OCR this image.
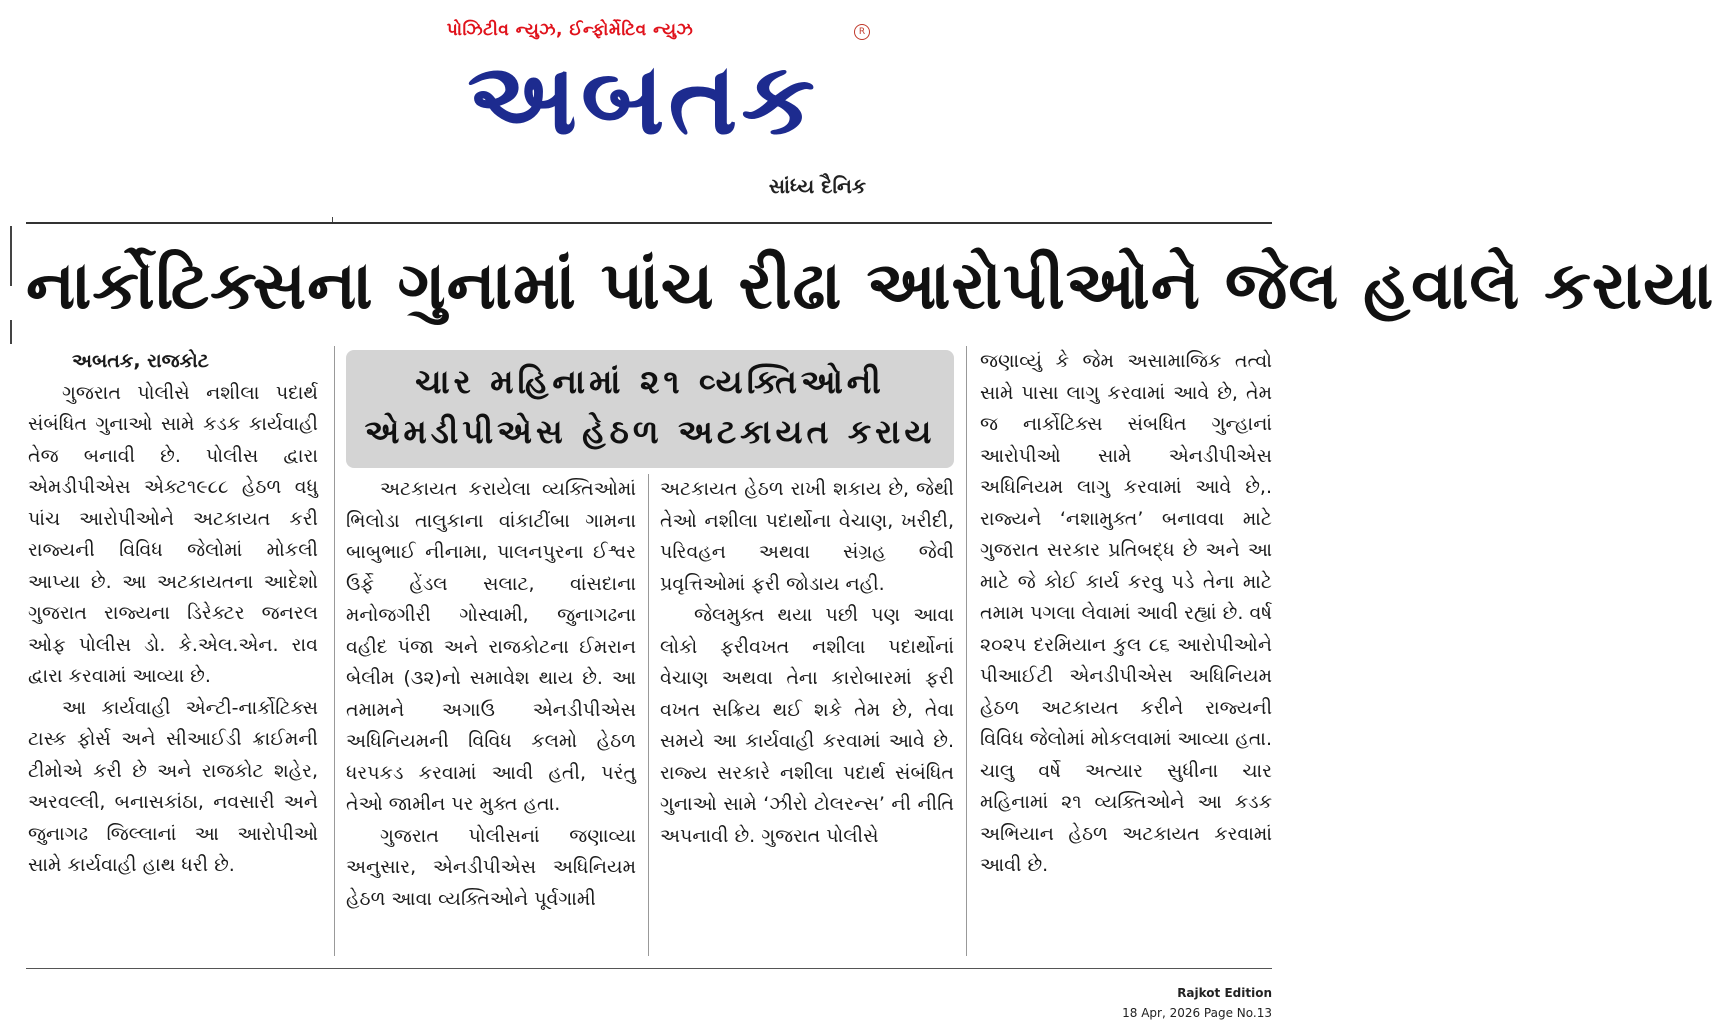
પોઝિટીવ ન્યુઝ, ઈન્ફોર્મેટિવ ન્યુઝ	R
અબતક
સાંધ્ય દૈનિક
નાર્કોટિક્સના ગુનામાં પાંચ રીઢા આરોપીઓને જેલ હવાલે કરાયા
ચાર મહિનામાં ૨૧ વ્યક્તિઓની
એમડીપીએસ હેઠળ અટકાયત કરાય

અબતક, રાજકોટ

ગુજરાત પોલીસે નશીલા પદાર્થ સંબંધિત ગુનાઓ સામે કડક કાર્યવાહી તેજ બનાવી છે. પોલીસ દ્વારા એમડીપીએસ એક્ટ૧૯૮૮ હેઠળ વધુ પાંચ આરોપીઓને અટકાયત કરી રાજ્યની વિવિધ જેલોમાં મોકલી આપ્યા છે. આ અટકાયતના આદેશો ગુજરાત રાજ્યના ડિરેક્ટર જનરલ ઓફ પોલીસ ડો. કે.એલ.એન. રાવ દ્વારા કરવામાં આવ્યા છે.

આ કાર્યવાહી એન્ટી-નાર્કોટિક્સ ટાસ્ક ફોર્સ અને સીઆઈડી ક્રાઈમની ટીમોએ કરી છે અને રાજકોટ શહેર, અરવલ્લી, બનાસકાંઠા, નવસારી અને જુનાગઢ જિલ્લાનાં આ આરોપીઓ સામે કાર્યવાહી હાથ ધરી છે.

અટકાયત કરાયેલા વ્યક્તિઓમાં ભિલોડા તાલુકાના વાંકાટીંબા ગામના બાબુભાઈ નીનામા, પાલનપુરના ઈશ્વર ઉર્ફે હેંડલ સલાટ, વાંસદાના મનોજગીરી ગોસ્વામી, જુનાગઢના વહીદ પંજા અને રાજકોટના ઈમરાન બેલીમ (૩૨)નો સમાવેશ થાય છે. આ તમામને અગાઉ એનડીપીએસ અધિનિયમની વિવિધ કલમો હેઠળ ધરપકડ કરવામાં આવી હતી, પરંતુ તેઓ જામીન પર મુક્ત હતા.

ગુજરાત પોલીસનાં જણાવ્યા અનુસાર, એનડીપીએસ અધિનિયમ હેઠળ આવા વ્યક્તિઓને પૂર્વગામી

અટકાયત હેઠળ રાખી શકાય છે, જેથી તેઓ નશીલા પદાર્થોના વેચાણ, ખરીદી, પરિવહન અથવા સંગ્રહ જેવી પ્રવૃત્તિઓમાં ફરી જોડાય નહી.

જેલમુક્ત થયા પછી પણ આવા લોકો ફરીવખત નશીલા પદાર્થોનાં વેચાણ અથવા તેના કારોબારમાં ફરી વખત સક્રિય થઈ શકે તેમ છે, તેવા સમયે આ કાર્યવાહી કરવામાં આવે છે. રાજ્ય સરકારે નશીલા પદાર્થ સંબંધિત ગુનાઓ સામે ‘ઝીરો ટોલરન્સ’ ની નીતિ અપનાવી છે. ગુજરાત પોલીસે

જણાવ્યું કે જેમ અસામાજિક તત્વો સામે પાસા લાગુ કરવામાં આવે છે, તેમ જ નાર્કોટિક્સ સંબધિત ગુન્હાનાં આરોપીઓ સામે એનડીપીએસ અધિનિયમ લાગુ કરવામાં આવે છે,. રાજ્યને ‘નશામુક્ત’ બનાવવા માટે ગુજરાત સરકાર પ્રતિબદ્ધ છે અને આ માટે જે કોઈ કાર્ય કરવુ પડે તેના માટે તમામ પગલા લેવામાં આવી રહ્યાં છે. વર્ષ ૨૦૨૫ દરમિયાન કુલ ૮૬ આરોપીઓને પીઆઈટી એનડીપીએસ અધિનિયમ હેઠળ અટકાયત કરીને રાજ્યની વિવિધ જેલોમાં મોકલવામાં આવ્યા હતા. ચાલુ વર્ષે અત્યાર સુધીના ચાર મહિનામાં ૨૧ વ્યક્તિઓને આ કડક અભિયાન હેઠળ અટકાયત કરવામાં આવી છે.

Rajkot Edition
18 Apr, 2026 Page No.13
